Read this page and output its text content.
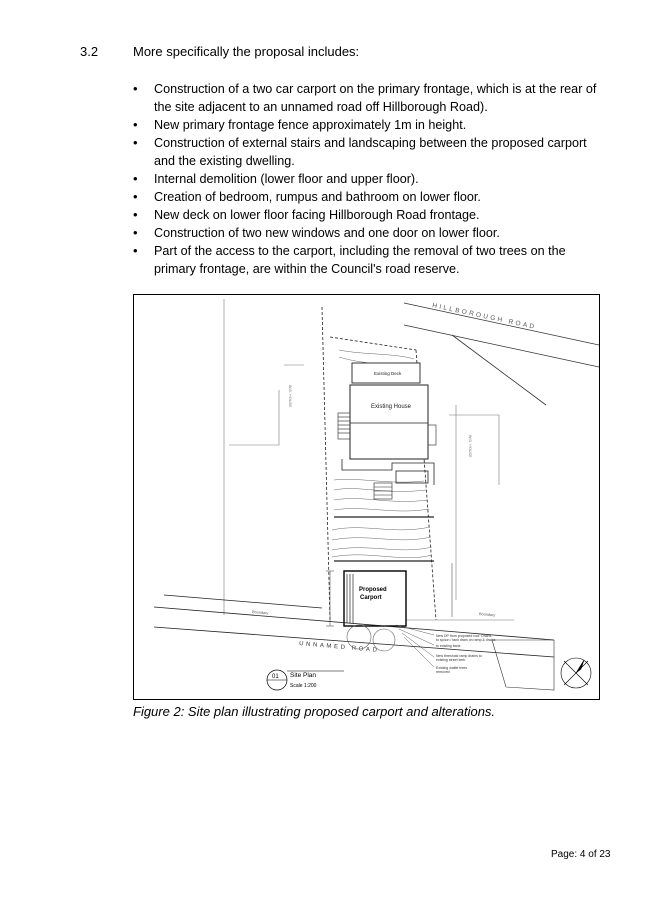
3.2	More specifically the proposal includes:
• Construction of a two car carport on the primary frontage, which is at the rear of the site adjacent to an unnamed road off Hillborough Road).
• New primary frontage fence approximately 1m in height.
• Construction of external stairs and landscaping between the proposed carport and the existing dwelling.
• Internal demolition (lower floor and upper floor).
• Creation of bedroom, rumpus and bathroom on lower floor.
• New deck on lower floor facing Hillborough Road frontage.
• Construction of two new windows and one door on lower floor.
• Part of the access to the carport, including the removal of two trees on the primary frontage, are within the Council's road reserve.
HILLBOROUGH ROAD
W.B. HOUSE
W.B. HOUSE
Existing Deck
Existing House
Proposed
Carport
UNNAMED ROAD
Boundary	Boundary
New DP from proposed roof. Drains
to spoon / tank drain on ramp & drains
to existing bank
New threshold ramp drains to
existing street kerb
Existing wattle trees
removed
01 Site Plan
Scale 1:200
Figure 2: Site plan illustrating proposed carport and alterations.
Page: 4 of 23
